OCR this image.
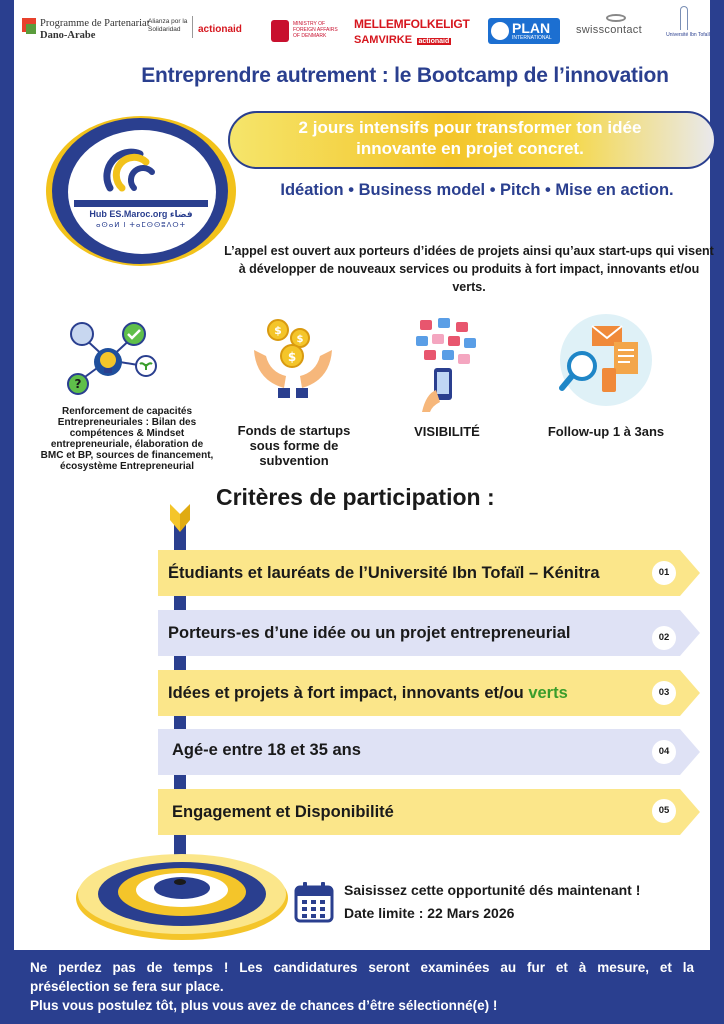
Programme de Partenariat
Dano-Arabe
Alianza por la Solidaridad	actionaid	MINISTRY OF FOREIGN AFFAIRS OF DENMARK
MELLEMFOLKELIGT
SAMVIRKE actionaid
PLAN
INTERNATIONAL
swisscontact	Université Ibn Tofaïl
Entreprendre autrement : le Bootcamp de l’innovation
Hub ES.Maroc.org فضاء
ⴰⵙⴰⵍ ⵏ ⵜⴰⵎⵙⵙⵓⴷⵔⵜ
2 jours intensifs pour transformer ton idée
innovante en projet concret.
Idéation • Business model • Pitch • Mise en action.
L’appel est ouvert aux porteurs d’idées de projets ainsi qu’aux start-ups qui visent à développer de nouveaux services ou produits à fort impact, innovants et/ou verts.
?
Renforcement de capacités Entrepreneuriales : Bilan des compétences & Mindset entrepreneuriale, élaboration de BMC et BP, sources de financement, écosystème Entrepreneurial
$
$
$
Fonds de startups sous forme de subvention
VISIBILITÉ	Follow-up 1 à 3ans
Critères de participation :
Étudiants et lauréats de l’Université Ibn Tofaïl – Kénitra	01
Porteurs-es d’une idée ou un projet entrepreneurial	02
Idées et projets à fort impact, innovants et/ou verts	03
Agé-e entre 18 et 35 ans	04
Engagement et Disponibilité	05
Saisissez cette opportunité dés maintenant !
Date limite : 22 Mars 2026

Ne perdez pas de temps ! Les candidatures seront examinées au fur et à mesure, et la

présélection se fera sur place.

Plus vous postulez tôt, plus vous avez de chances d’être sélectionné(e) !
